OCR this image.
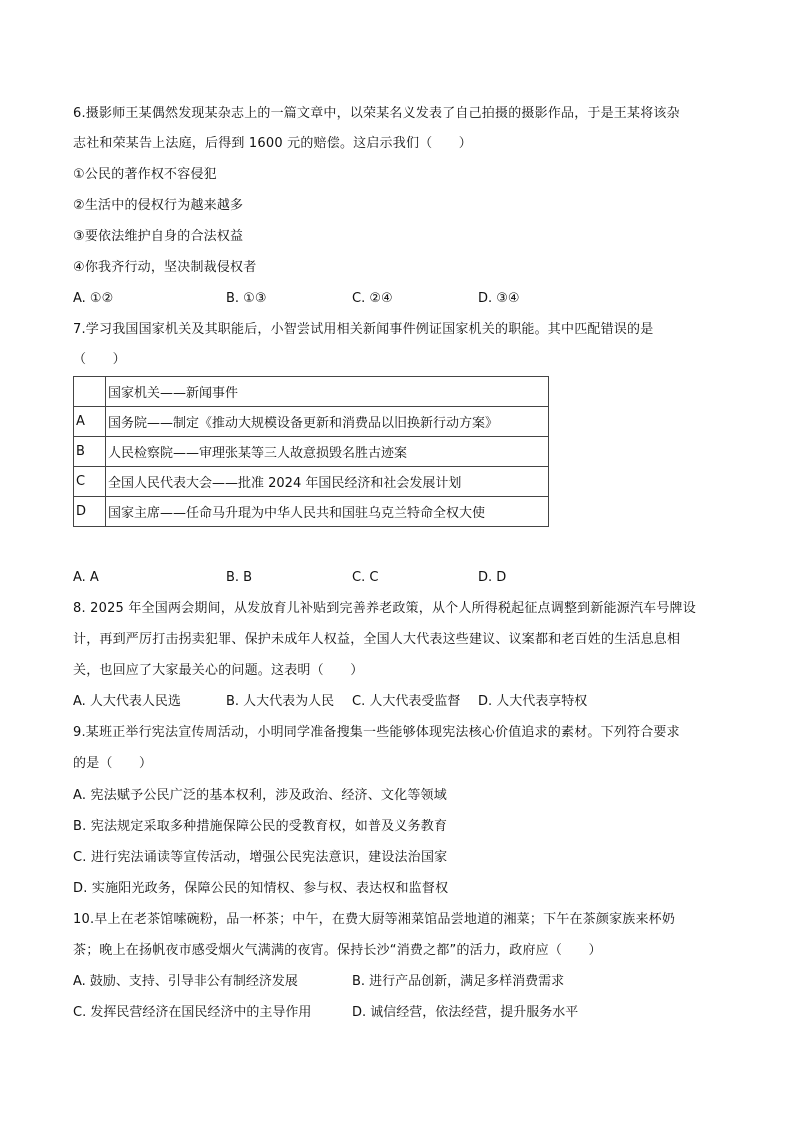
6.摄影师王某偶然发现某杂志上的一篇文章中，以荣某名义发表了自己拍摄的摄影作品，于是王某将该杂
志社和荣某告上法庭，后得到 1600 元的赔偿。这启示我们（　　）
①公民的著作权不容侵犯
②生活中的侵权行为越来越多
③要依法维护自身的合法权益
④你我齐行动，坚决制裁侵权者
A. ①②	B. ①③	C. ②④	D. ③④
7.学习我国国家机关及其职能后，小智尝试用相关新闻事件例证国家机关的职能。其中匹配错误的是
（　　）
	国家机关——新闻事件
A	国务院——制定《推动大规模设备更新和消费品以旧换新行动方案》
B	人民检察院——审理张某等三人故意损毁名胜古迹案
C	全国人民代表大会——批准 2024 年国民经济和社会发展计划
D	国家主席——任命马升琨为中华人民共和国驻乌克兰特命全权大使
A. A	B. B	C. C	D. D
8. 2025 年全国两会期间，从发放育儿补贴到完善养老政策，从个人所得税起征点调整到新能源汽车号牌设
计，再到严厉打击拐卖犯罪、保护未成年人权益，全国人大代表这些建议、议案都和老百姓的生活息息相
关，也回应了大家最关心的问题。这表明（　　）
A. 人大代表人民选	B. 人大代表为人民 C. 人大代表受监督 D. 人大代表享特权
9.某班正举行宪法宣传周活动，小明同学准备搜集一些能够体现宪法核心价值追求的素材。下列符合要求
的是（　　）
A. 宪法赋予公民广泛的基本权利，涉及政治、经济、文化等领域
B. 宪法规定采取多种措施保障公民的受教育权，如普及义务教育
C. 进行宪法诵读等宣传活动，增强公民宪法意识，建设法治国家
D. 实施阳光政务，保障公民的知情权、参与权、表达权和监督权
10.早上在老茶馆嗦碗粉，品一杯茶；中午，在费大厨等湘菜馆品尝地道的湘菜；下午在茶颜家族来杯奶
茶；晚上在扬帆夜市感受烟火气满满的夜宵。保持长沙“消费之都”的活力，政府应（　　）
A. 鼓励、支持、引导非公有制经济发展	B. 进行产品创新，满足多样消费需求
C. 发挥民营经济在国民经济中的主导作用	D. 诚信经营，依法经营，提升服务水平
